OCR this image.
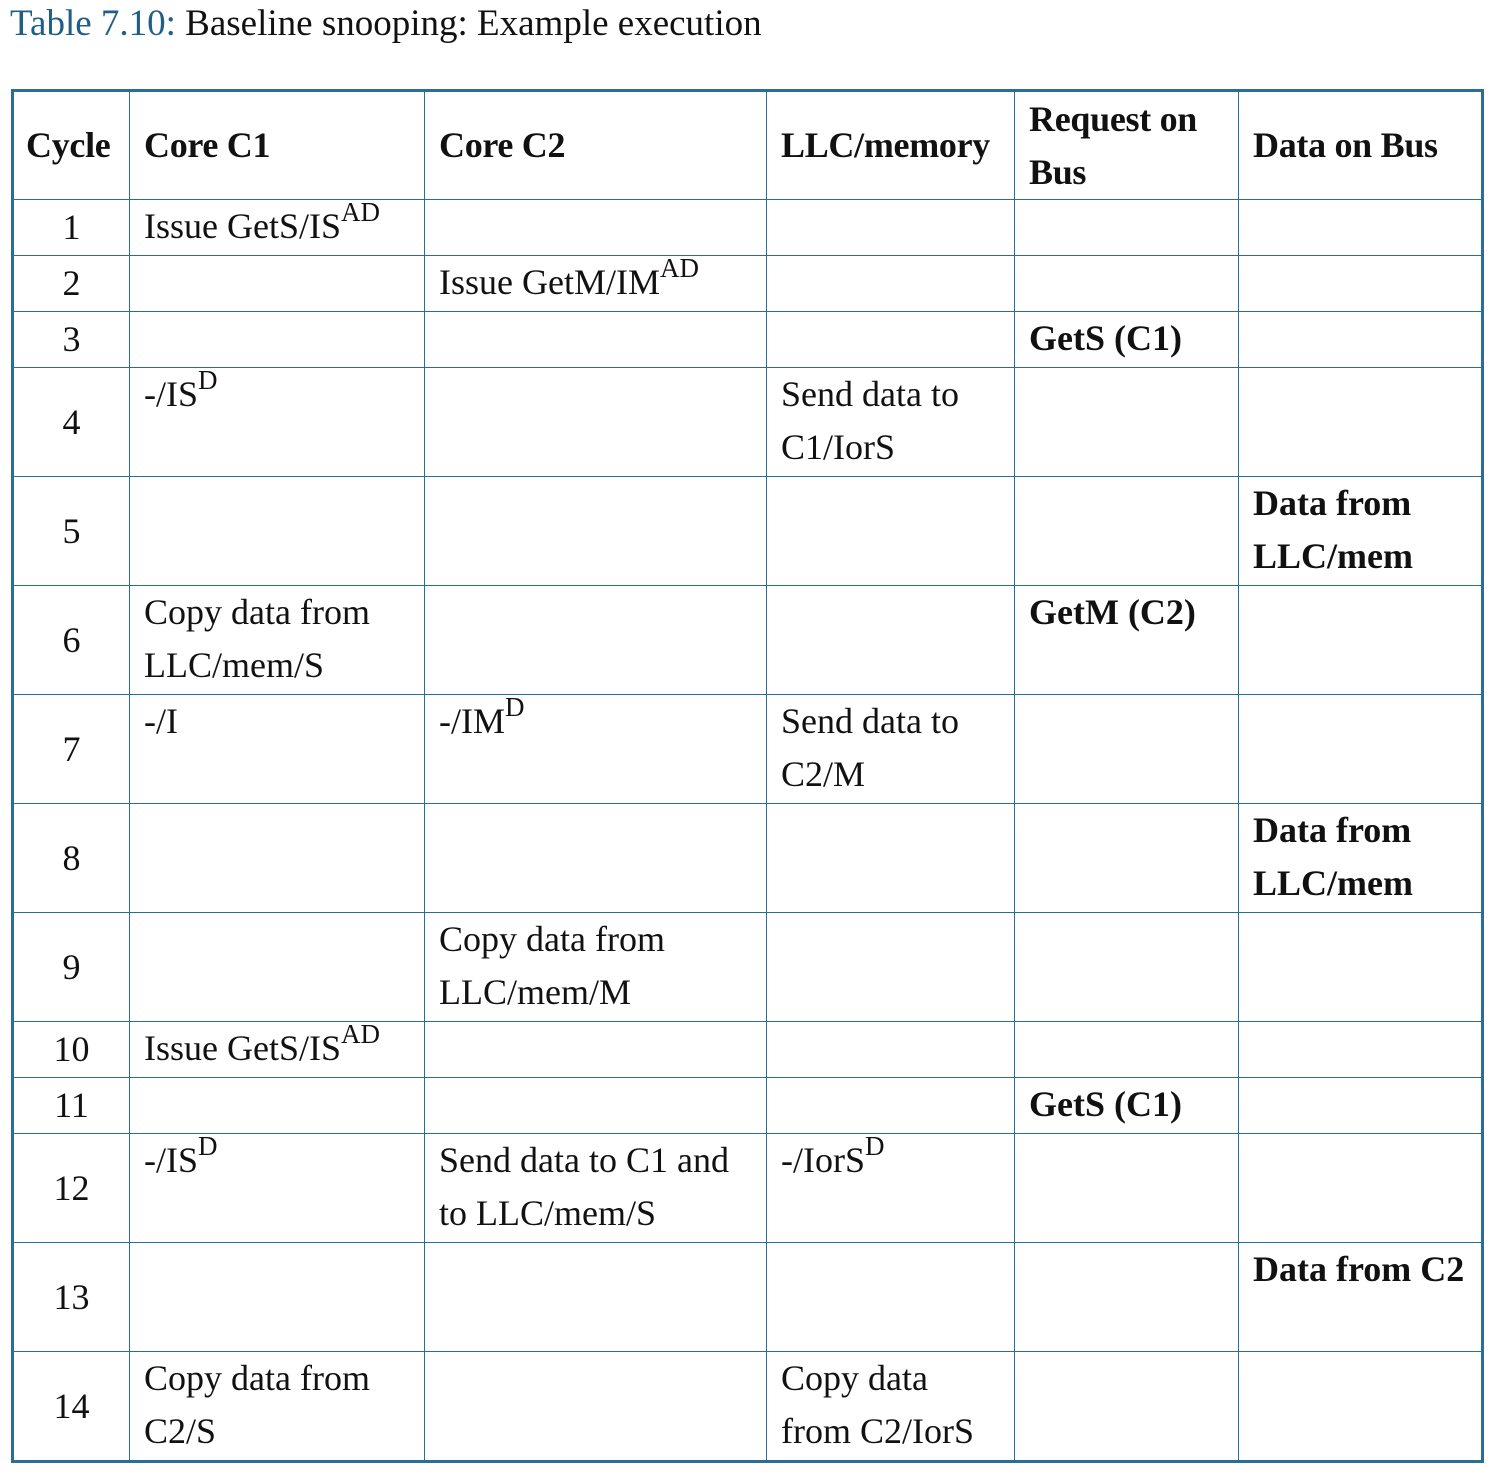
Table 7.10: Baseline snooping: Example execution
Cycle	Core C1	Core C2	LLC/memory	Request on Bus	Data on Bus
1	Issue GetS/$IS^{AD}$				
2		Issue GetM/$IM^{AD}$			
3				GetS (C1)	
4	$-/IS^D$		Send data to C1/IorS		
5					Data from LLC/mem
6	Copy data from LLC/mem/S			GetM (C2)	
7	-/I	$-/IM^D$	Send data to C2/M		
8					Data from LLC/mem
9		Copy data from LLC/mem/M			
10	Issue GetS/$IS^{AD}$				
11				GetS (C1)	
12	$-/IS^D$	Send data to C1 and to LLC/mem/S	-/IorS$^D$		
13					Data from C2
14	Copy data from C2/S		Copy data from C2/IorS		
